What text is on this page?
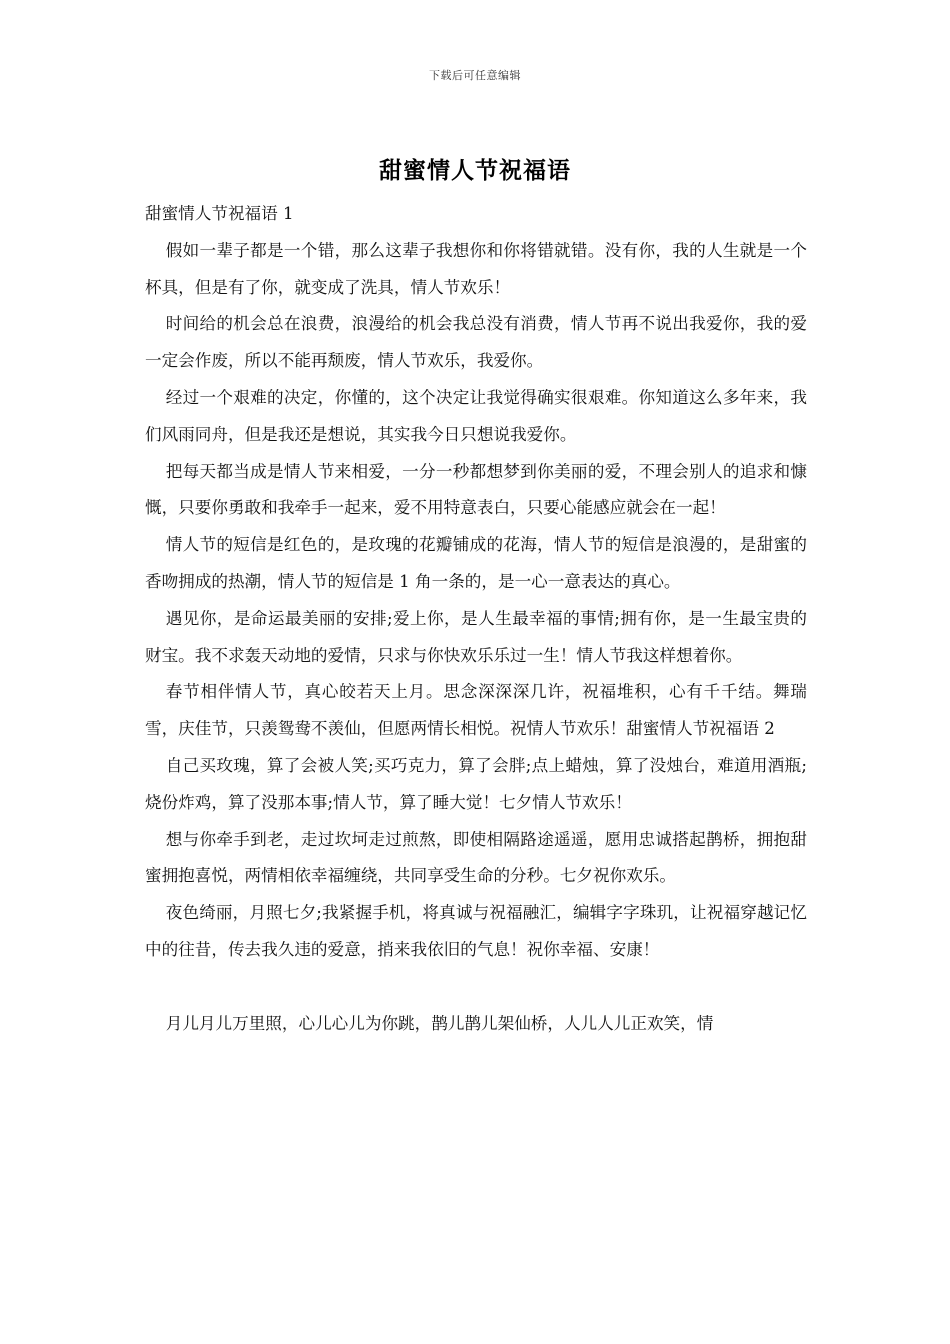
下载后可任意编辑
甜蜜情人节祝福语

甜蜜情人节祝福语 1

假如一辈子都是一个错，那么这辈子我想你和你将错就错。没有你，我的人生就是一个杯具，但是有了你，就变成了洗具，情人节欢乐！

时间给的机会总在浪费，浪漫给的机会我总没有消费，情人节再不说出我爱你，我的爱一定会作废，所以不能再颓废，情人节欢乐，我爱你。

经过一个艰难的决定，你懂的，这个决定让我觉得确实很艰难。你知道这么多年来，我们风雨同舟，但是我还是想说，其实我今日只想说我爱你。

把每天都当成是情人节来相爱，一分一秒都想梦到你美丽的爱，不理会别人的追求和慷慨，只要你勇敢和我牵手一起来，爱不用特意表白，只要心能感应就会在一起！

情人节的短信是红色的，是玫瑰的花瓣铺成的花海，情人节的短信是浪漫的，是甜蜜的香吻拥成的热潮，情人节的短信是 1 角一条的，是一心一意表达的真心。

遇见你，是命运最美丽的安排;爱上你，是人生最幸福的事情;拥有你，是一生最宝贵的财宝。我不求轰天动地的爱情，只求与你快欢乐乐过一生！情人节我这样想着你。

春节相伴情人节，真心皎若天上月。思念深深深几许，祝福堆积，心有千千结。舞瑞雪，庆佳节，只羡鸳鸯不羡仙，但愿两情长相悦。祝情人节欢乐！甜蜜情人节祝福语 2

自己买玫瑰，算了会被人笑;买巧克力，算了会胖;点上蜡烛，算了没烛台，难道用酒瓶;烧份炸鸡，算了没那本事;情人节，算了睡大觉！七夕情人节欢乐！

想与你牵手到老，走过坎坷走过煎熬，即使相隔路途遥遥，愿用忠诚搭起鹊桥，拥抱甜蜜拥抱喜悦，两情相依幸福缠绕，共同享受生命的分秒。七夕祝你欢乐。

夜色绮丽，月照七夕;我紧握手机，将真诚与祝福融汇，编辑字字珠玑，让祝福穿越记忆中的往昔，传去我久违的爱意，捎来我依旧的气息！祝你幸福、安康！

月儿月儿万里照，心儿心儿为你跳，鹊儿鹊儿架仙桥，人儿人儿正欢笑，情
